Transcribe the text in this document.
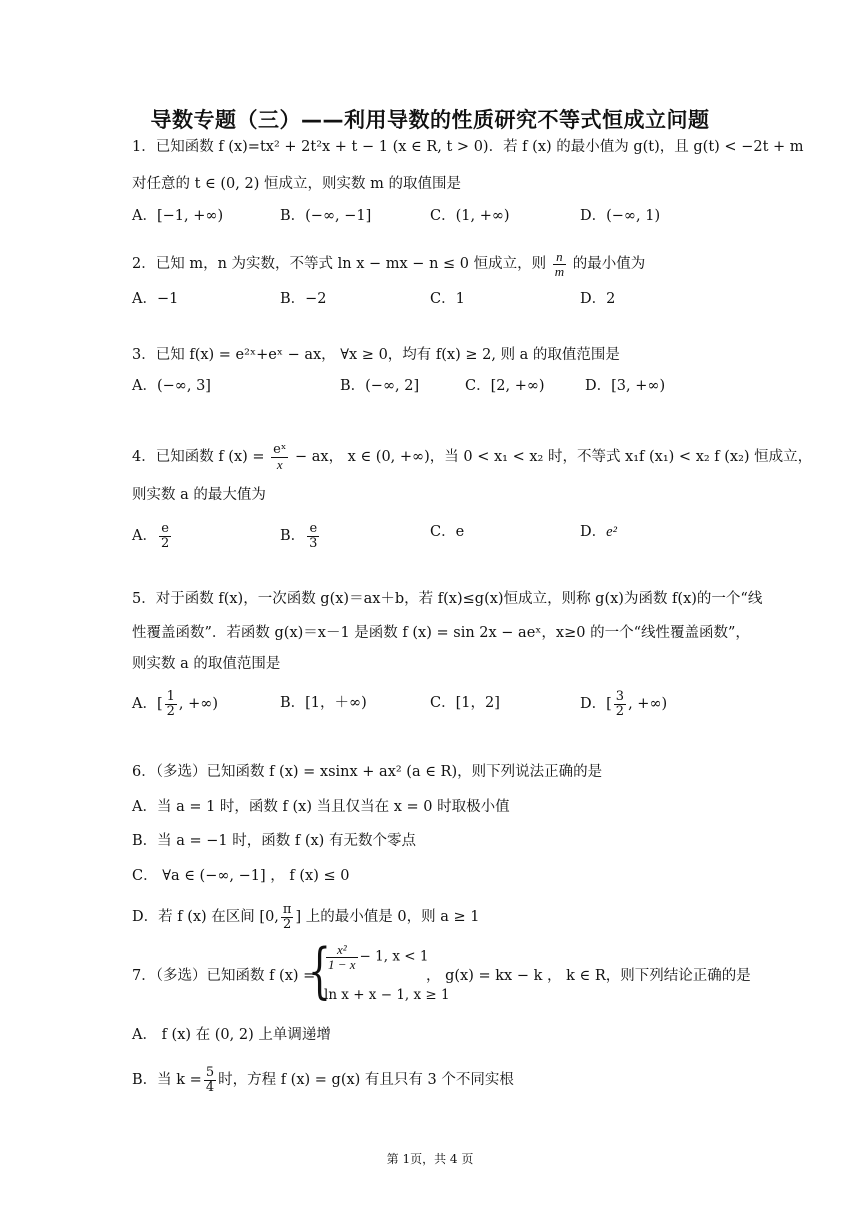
导数专题（三）——利用导数的性质研究不等式恒成立问题
1．已知函数 f (x)=tx² + 2t²x + t − 1 (x ∈ R, t > 0)．若 f (x) 的最小值为 g(t)，且 g(t) < −2t + m
对任意的 t ∈ (0, 2) 恒成立，则实数 m 的取值围是
A．[−1, +∞)	B．(−∞, −1]	C．(1, +∞)	D．(−∞, 1)
2．已知 m，n 为实数，不等式 ln x − mx − n ≤ 0 恒成立，则 $\frac{n}{m}$ 的最小值为
A．−1	B．−2	C．1	D．2
3．已知 f(x) = e²ˣ+eˣ − ax， ∀x ≥ 0，均有 f(x) ≥ 2, 则 a 的取值范围是
A．(−∞, 3]	B．(−∞, 2]	C．[2, +∞)	D．[3, +∞)
4．已知函数 f $(x) = \frac{\text{eˣ}}{x}$ − ax， x ∈ (0, +∞)，当 0 < x₁ < x₂ 时，不等式 x₁f (x₁) < x₂ f (x₂) 恒成立，
则实数 a 的最大值为
A． $\frac{e}{2}$	B． $\frac{e}{3}$	C．e	D．e²
5．对于函数 f(x)，一次函数 g(x)＝ax＋b，若 f(x)≤g(x)恒成立，则称 g(x)为函数 f(x)的一个“线
性覆盖函数”．若函数 g(x)＝x－1 是函数 f (x) = sin 2x − aeˣ，x≥0 的一个“线性覆盖函数”，
则实数 a 的取值范围是
A．[ $\frac{1}{2}$ , +∞)	B．[1，＋∞)	C．[1，2]	D．[ $\frac{3}{2}$ , +∞)
6．（多选）已知函数 f (x) = xsinx + ax² (a ∈ R)，则下列说法正确的是
A．当 a = 1 时，函数 f (x) 当且仅当在 x = 0 时取极小值
B．当 a = −1 时，函数 f (x) 有无数个零点
C． ∀a ∈ (−∞, −1] ， f (x) ≤ 0
D．若 f (x) 在区间 [0, $\frac{\pi}{2}$ ] 上的最小值是 0，则 a ≥ 1
7．（多选）已知函数 f (x) =
{
$\frac{\text{x²}}{1 - x} - 1$, x < 1
ln x + x − 1, x ≥ 1
， g(x) = kx − k ， k ∈ R，则下列结论正确的是
A． f (x) 在 (0, 2) 上单调递增
B．当 $k = \frac{5}{4}$ 时，方程 f (x) = g(x) 有且只有 3 个不同实根
第 1页，共 4 页
